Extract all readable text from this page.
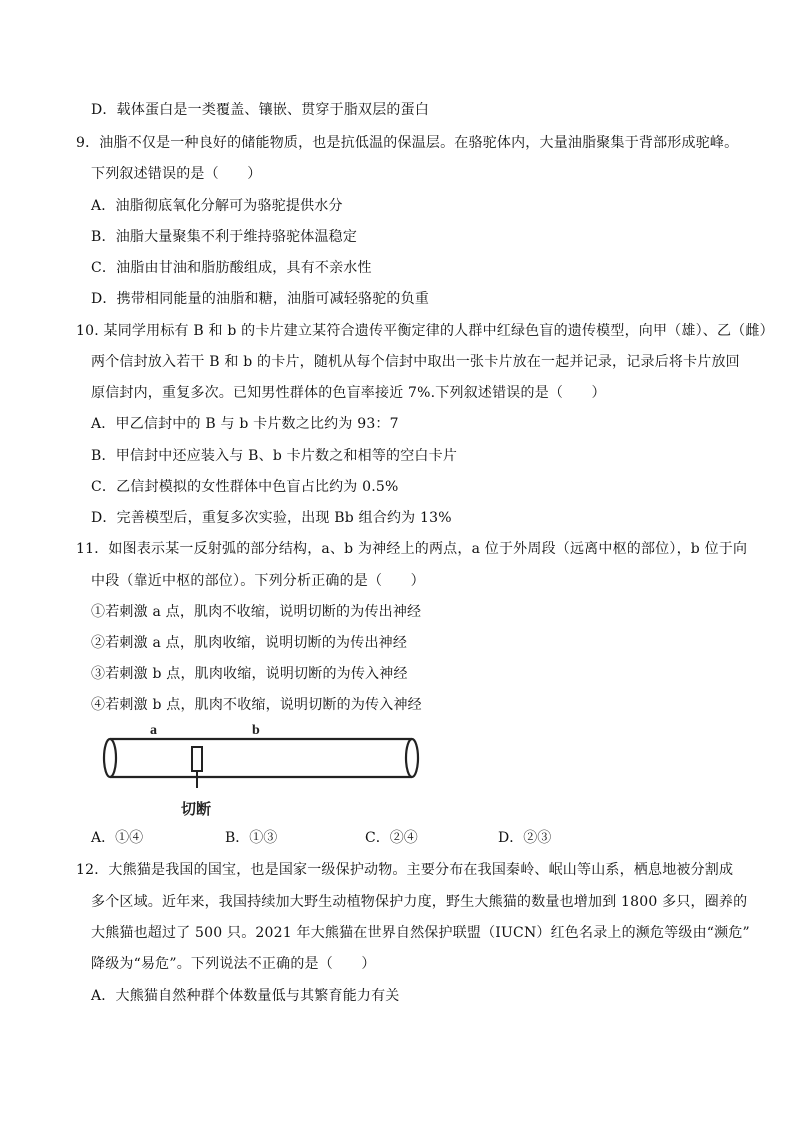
D．载体蛋白是一类覆盖、镶嵌、贯穿于脂双层的蛋白
9．油脂不仅是一种良好的储能物质，也是抗低温的保温层。在骆驼体内，大量油脂聚集于背部形成驼峰。
下列叙述错误的是（　　）
A．油脂彻底氧化分解可为骆驼提供水分
B．油脂大量聚集不利于维持骆驼体温稳定
C．油脂由甘油和脂肪酸组成，具有不亲水性
D．携带相同能量的油脂和糖，油脂可减轻骆驼的负重
10. 某同学用标有 B 和 b 的卡片建立某符合遗传平衡定律的人群中红绿色盲的遗传模型，向甲（雄）、乙（雌）
两个信封放入若干 B 和 b 的卡片，随机从每个信封中取出一张卡片放在一起并记录，记录后将卡片放回
原信封内，重复多次。已知男性群体的色盲率接近 7%.下列叙述错误的是（　　）
A．甲乙信封中的 B 与 b 卡片数之比约为 93：7
B．甲信封中还应装入与 B、b 卡片数之和相等的空白卡片
C．乙信封模拟的女性群体中色盲占比约为 0.5%
D．完善模型后，重复多次实验，出现 Bb 组合约为 13%
11．如图表示某一反射弧的部分结构，a、b 为神经上的两点，a 位于外周段（远离中枢的部位），b 位于向
中段（靠近中枢的部位）。下列分析正确的是（　　）
①若刺激 a 点，肌肉不收缩，说明切断的为传出神经
②若刺激 a 点，肌肉收缩，说明切断的为传出神经
③若刺激 b 点，肌肉收缩，说明切断的为传入神经
④若刺激 b 点，肌肉不收缩，说明切断的为传入神经
a	b
切断
A．①④	B．①③	C．②④	D．②③
12．大熊猫是我国的国宝，也是国家一级保护动物。主要分布在我国秦岭、岷山等山系，栖息地被分割成
多个区域。近年来，我国持续加大野生动植物保护力度，野生大熊猫的数量也增加到 1800 多只，圈养的
大熊猫也超过了 500 只。2021 年大熊猫在世界自然保护联盟（IUCN）红色名录上的濒危等级由“濒危”
降级为“易危”。下列说法不正确的是（　　）
A．大熊猫自然种群个体数量低与其繁育能力有关
